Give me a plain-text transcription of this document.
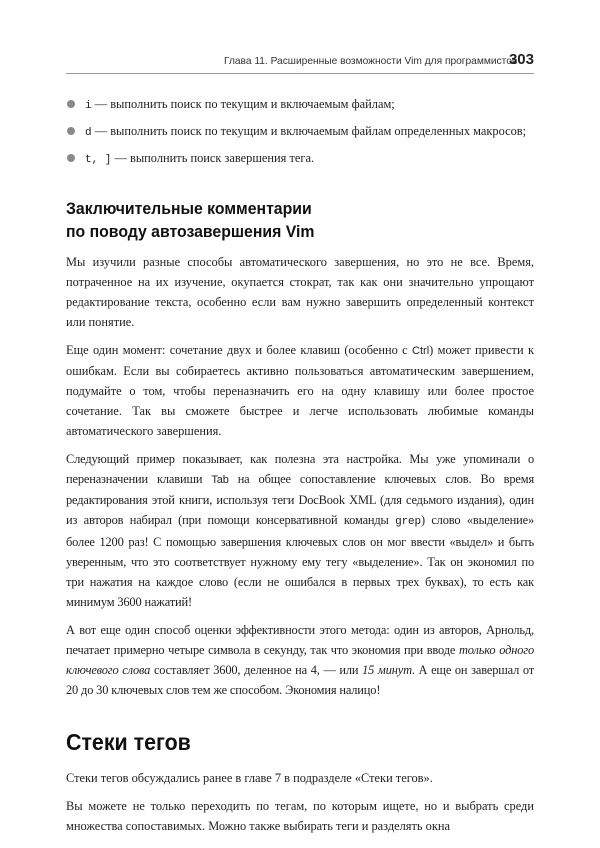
Глава 11. Расширенные возможности Vim для программистов
303
i — выполнить поиск по текущим и включаемым файлам;
d — выполнить поиск по текущим и включаемым файлам определенных макросов;
t, ] — выполнить поиск завершения тега.
Заключительные комментарии
по поводу автозавершения Vim

Мы изучили разные способы автоматического завершения, но это не все. Время, потраченное на их изучение, окупается стократ, так как они значительно упрощают редактирование текста, особенно если вам нужно завершить определенный контекст или понятие.

Еще один момент: сочетание двух и более клавиш (особенно с Ctrl) может привести к ошибкам. Если вы собираетесь активно пользоваться автоматическим завершением, подумайте о том, чтобы переназначить его на одну клавишу или более простое сочетание. Так вы сможете быстрее и легче использовать любимые команды автоматического завершения.

Следующий пример показывает, как полезна эта настройка. Мы уже упоминали о переназначении клавиши Tab на общее сопоставление ключевых слов. Во время редактирования этой книги, используя теги DocBook XML (для седьмого издания), один из авторов набирал (при помощи консервативной команды grep) слово «выделение» более 1200 раз! С помощью завершения ключевых слов он мог ввести «выдел» и быть уверенным, что это соответствует нужному ему тегу «выделение». Так он экономил по три нажатия на каждое слово (если не ошибался в первых трех буквах), то есть как минимум 3600 нажатий!

А вот еще один способ оценки эффективности этого метода: один из авторов, Арнольд, печатает примерно четыре символа в секунду, так что экономия при вводе только одного ключевого слова составляет 3600, деленное на 4, — или 15 минут. А еще он завершал от 20 до 30 ключевых слов тем же способом. Экономия налицо!

Стеки тегов

Стеки тегов обсуждались ранее в главе 7 в подразделе «Стеки тегов».

Вы можете не только переходить по тегам, по которым ищете, но и выбрать среди множества сопоставимых. Можно также выбирать теги и разделять окна
